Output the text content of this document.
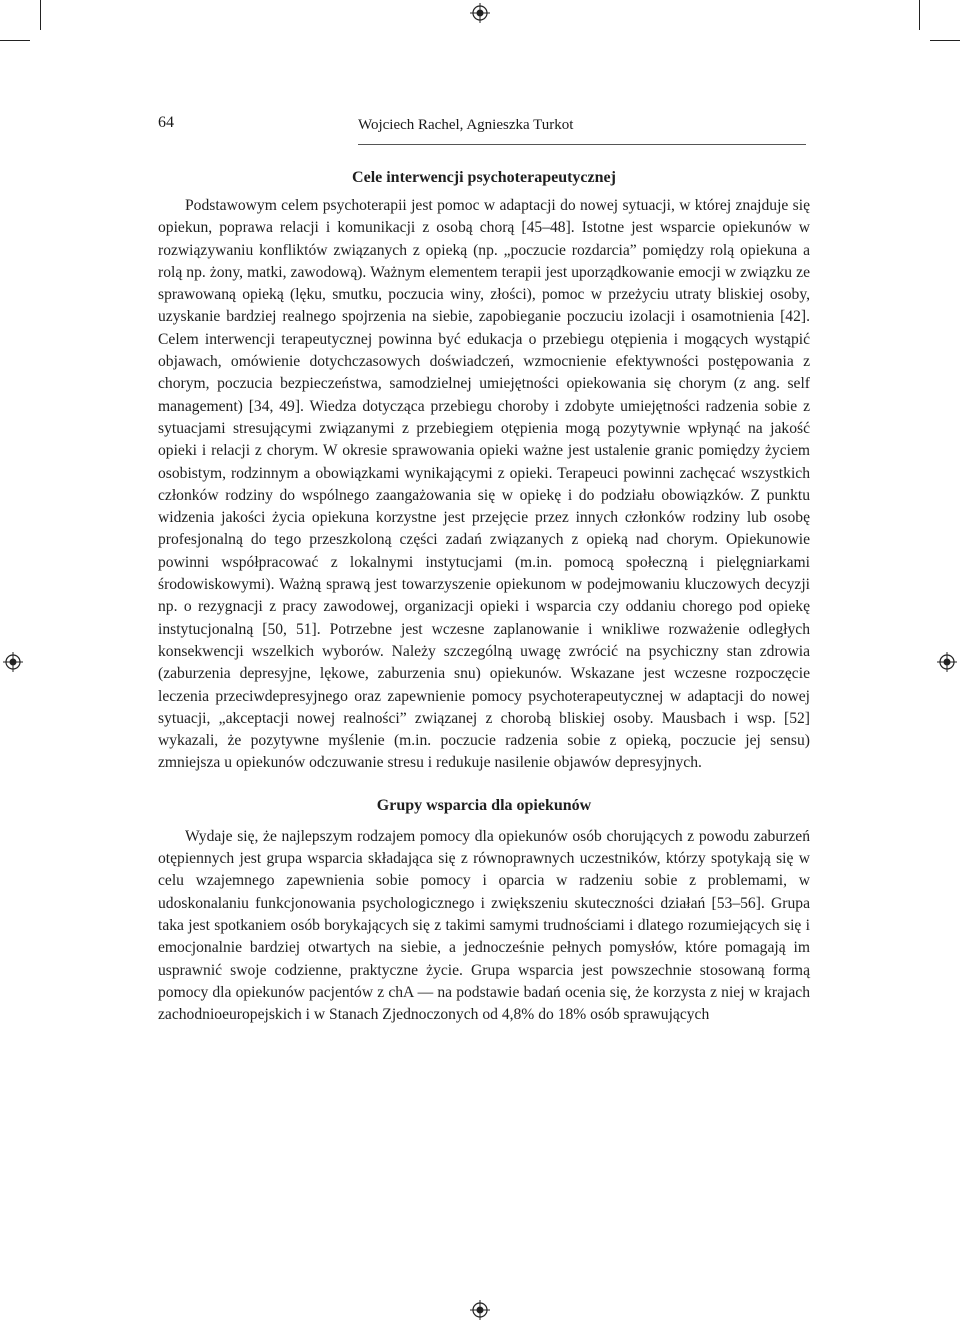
64	Wojciech Rachel, Agnieszka Turkot
Cele interwencji psychoterapeutycznej

Podstawowym celem psychoterapii jest pomoc w adaptacji do nowej sytuacji, w której znajduje się opiekun, poprawa relacji i komunikacji z osobą chorą [45–48]. Istotne jest wsparcie opiekunów w rozwiązywaniu konfliktów związanych z opieką (np. „poczucie rozdarcia” pomiędzy rolą opiekuna a rolą np. żony, matki, zawodową). Ważnym elementem terapii jest uporządkowanie emocji w związku ze sprawowaną opieką (lęku, smutku, poczucia winy, złości), pomoc w przeżyciu utraty bliskiej osoby, uzyskanie bardziej realnego spojrzenia na siebie, zapobieganie poczuciu izolacji i osamotnienia [42]. Celem interwencji terapeutycznej powinna być edukacja o przebiegu otępienia i mogących wystąpić objawach, omówienie dotychczasowych doświadczeń, wzmocnienie efektywności postępowania z chorym, poczucia bezpieczeństwa, samodzielnej umiejętności opiekowania się chorym (z ang. self management) [34, 49]. Wiedza dotycząca przebiegu choroby i zdobyte umiejętności radzenia sobie z sytuacjami stresującymi związanymi z przebiegiem otępienia mogą pozytywnie wpłynąć na jakość opieki i relacji z chorym. W okresie sprawowania opieki ważne jest ustalenie granic pomiędzy życiem osobistym, rodzinnym a obowiązkami wynikającymi z opieki. Terapeuci powinni zachęcać wszystkich członków rodziny do wspólnego zaangażowania się w opiekę i do podziału obowiązków. Z punktu widzenia jakości życia opiekuna korzystne jest przejęcie przez innych członków rodziny lub osobę profesjonalną do tego przeszkoloną części zadań związanych z opieką nad chorym. Opiekunowie powinni współpracować z lokalnymi instytucjami (m.in. pomocą społeczną i pielęgniarkami środowiskowymi). Ważną sprawą jest towarzyszenie opiekunom w podejmowaniu kluczowych decyzji np. o rezygnacji z pracy zawodowej, organizacji opieki i wsparcia czy oddaniu chorego pod opiekę instytucjonalną [50, 51]. Potrzebne jest wczesne zaplanowanie i wnikliwe rozważenie odległych konsekwencji wszelkich wyborów. Należy szczególną uwagę zwrócić na psychiczny stan zdrowia (zaburzenia depresyjne, lękowe, zaburzenia snu) opiekunów. Wskazane jest wczesne rozpoczęcie leczenia przeciwdepresyjnego oraz zapewnienie pomocy psychoterapeutycznej w adaptacji do nowej sytuacji, „akceptacji nowej realności” związanej z chorobą bliskiej osoby. Mausbach i wsp. [52] wykazali, że pozytywne myślenie (m.in. poczucie radzenia sobie z opieką, poczucie jej sensu) zmniejsza u opiekunów odczuwanie stresu i redukuje nasilenie objawów depresyjnych.

Grupy wsparcia dla opiekunów

Wydaje się, że najlepszym rodzajem pomocy dla opiekunów osób chorujących z powodu zaburzeń otępiennych jest grupa wsparcia składająca się z równoprawnych uczestników, którzy spotykają się w celu wzajemnego zapewnienia sobie pomocy i oparcia w radzeniu sobie z problemami, w udoskonalaniu funkcjonowania psychologicznego i zwiększeniu skuteczności działań [53–56]. Grupa taka jest spotkaniem osób borykających się z takimi samymi trudnościami i dlatego rozumiejących się i emocjonalnie bardziej otwartych na siebie, a jednocześnie pełnych pomysłów, które pomagają im usprawnić swoje codzienne, praktyczne życie. Grupa wsparcia jest powszechnie stosowaną formą pomocy dla opiekunów pacjentów z chA — na podstawie badań ocenia się, że korzysta z niej w krajach zachodnioeuropejskich i w Stanach Zjednoczonych od 4,8% do 18% osób sprawujących
